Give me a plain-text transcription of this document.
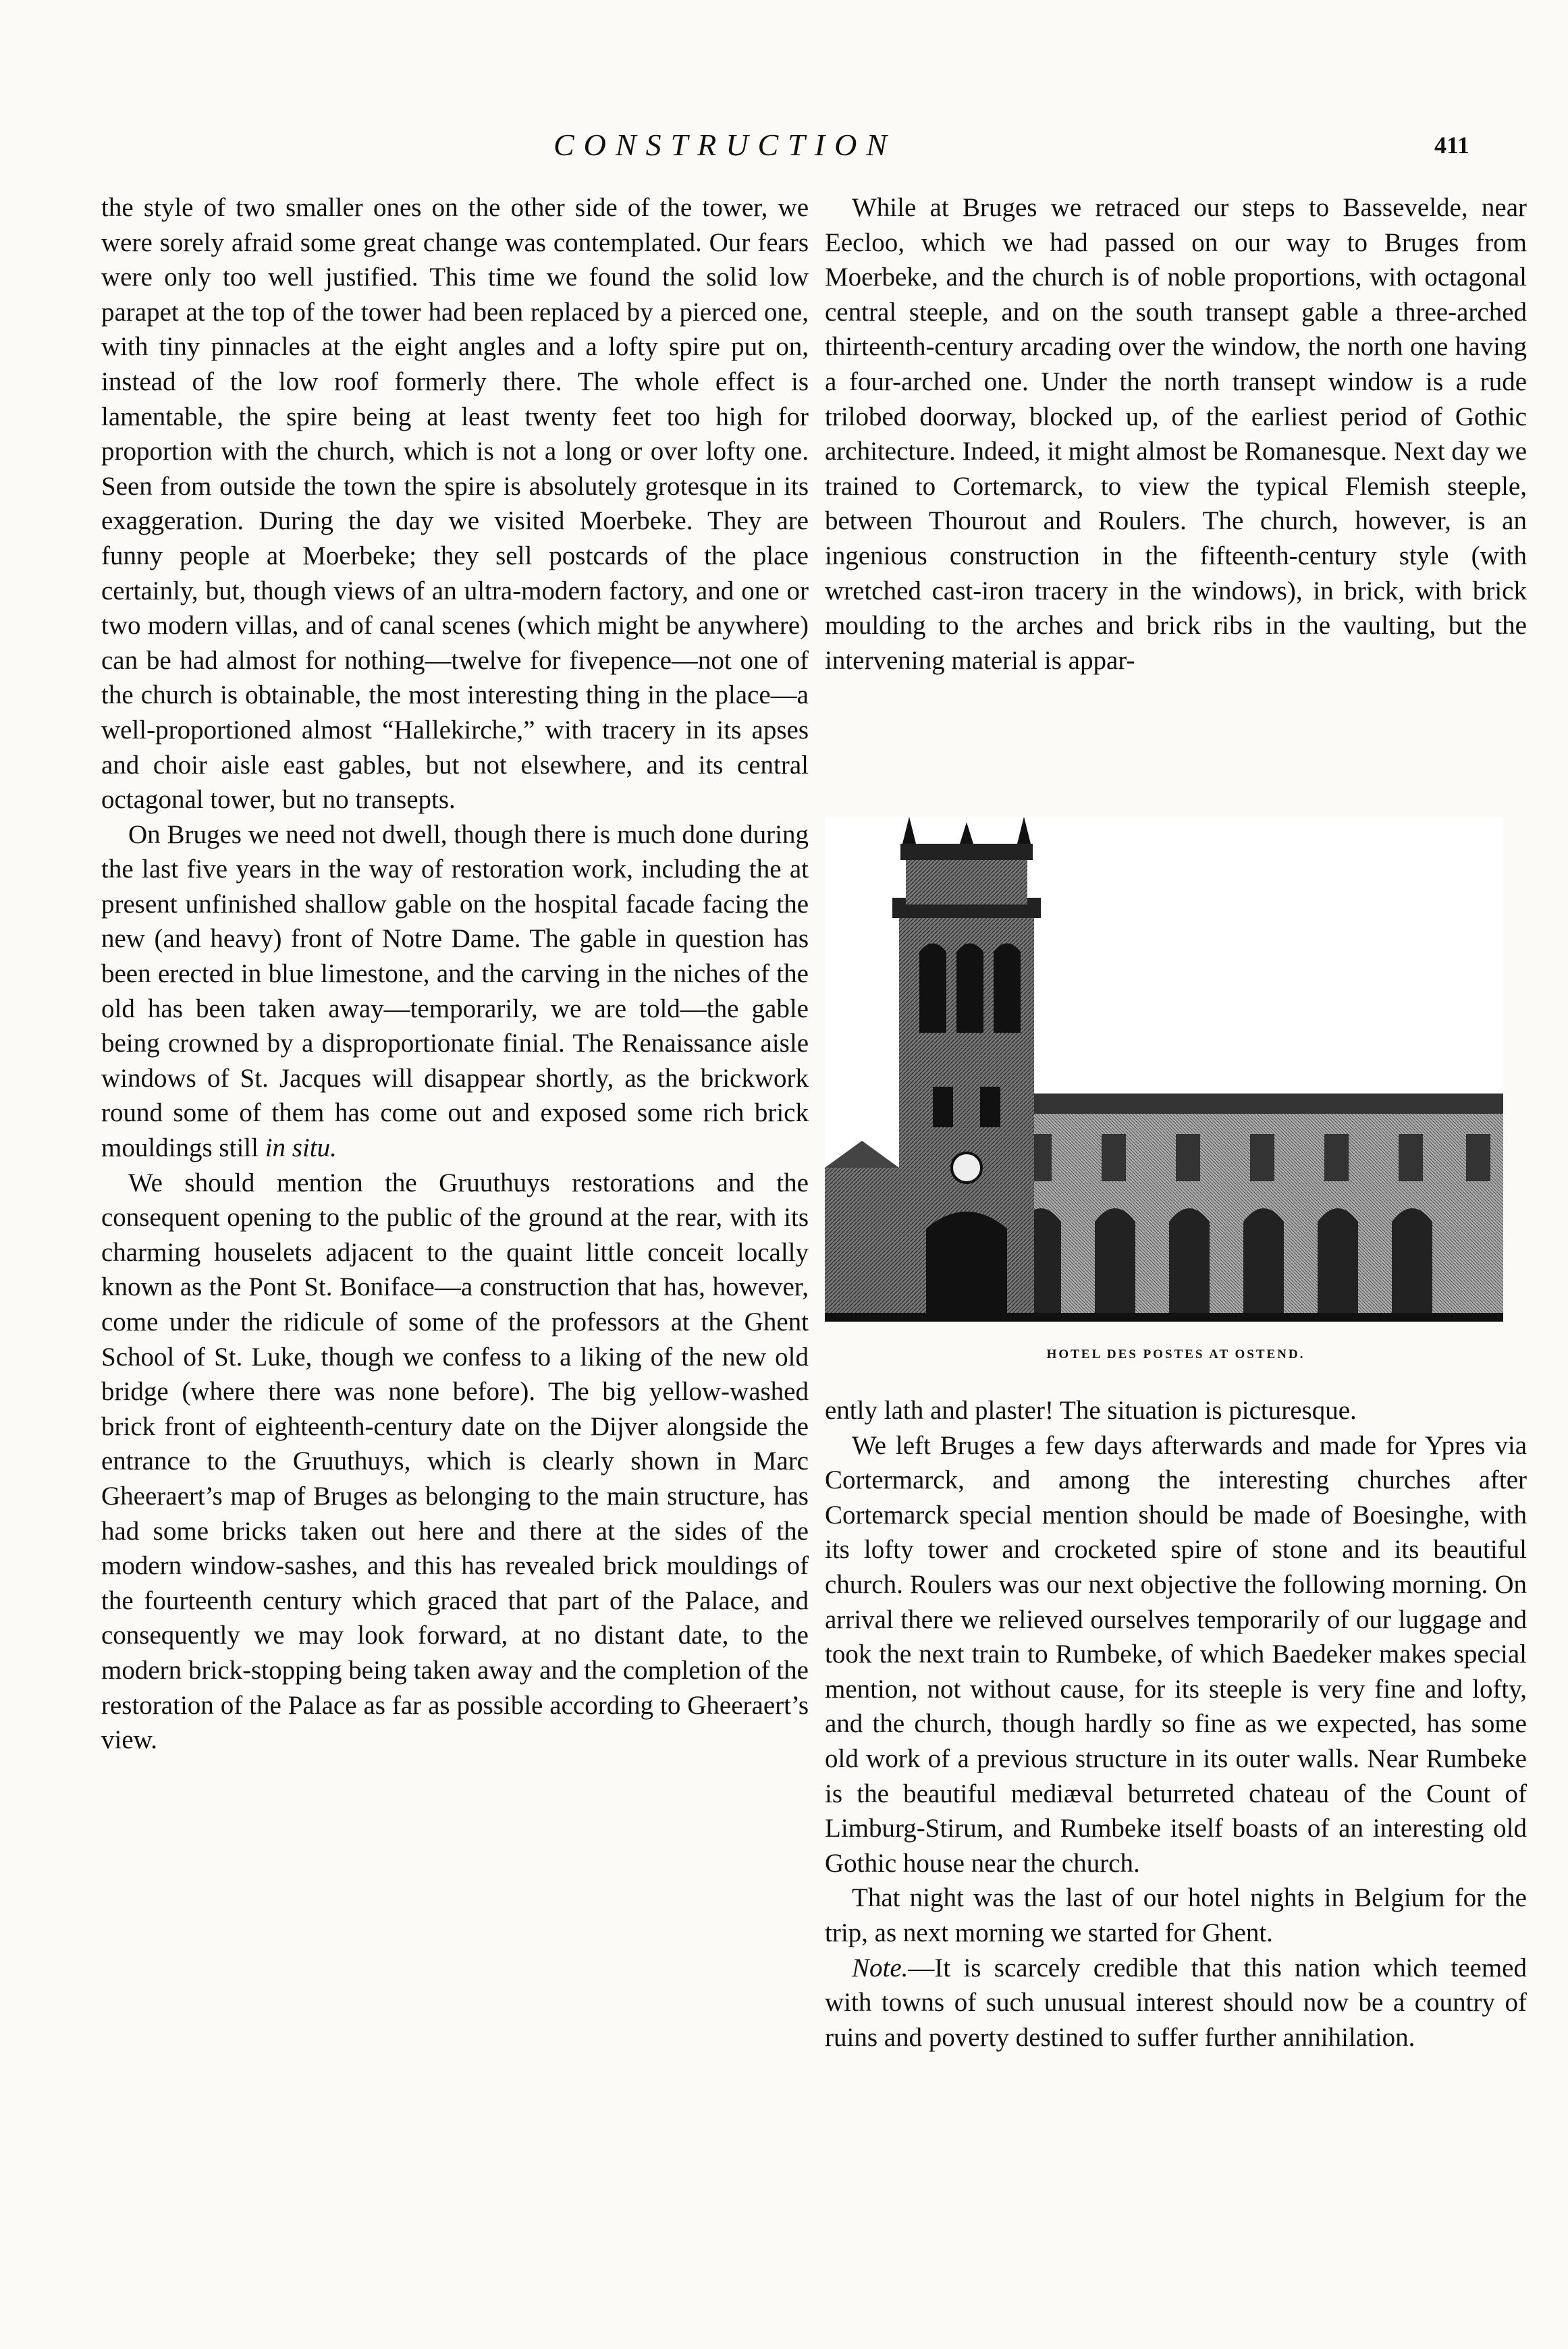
CONSTRUCTION	411

the style of two smaller ones on the other side of the tower, we were sorely afraid some great change was contemplated. Our fears were only too well justified. This time we found the solid low parapet at the top of the tower had been replaced by a pierced one, with tiny pinnacles at the eight angles and a lofty spire put on, instead of the low roof formerly there. The whole effect is lamentable, the spire being at least twenty feet too high for proportion with the church, which is not a long or over lofty one. Seen from outside the town the spire is absolutely grotesque in its exaggeration. During the day we visited Moerbeke. They are funny people at Moerbeke; they sell postcards of the place certainly, but, though views of an ultra-modern factory, and one or two modern villas, and of canal scenes (which might be anywhere) can be had almost for nothing—twelve for fivepence—not one of the church is obtainable, the most interesting thing in the place—a well-proportioned almost “Hallekirche,” with tracery in its apses and choir aisle east gables, but not elsewhere, and its central octagonal tower, but no transepts.

On Bruges we need not dwell, though there is much done during the last five years in the way of restoration work, including the at present unfinished shallow gable on the hospital facade facing the new (and heavy) front of Notre Dame. The gable in question has been erected in blue limestone, and the carving in the niches of the old has been taken away—temporarily, we are told—the gable being crowned by a disproportionate finial. The Renaissance aisle windows of St. Jacques will disappear shortly, as the brickwork round some of them has come out and exposed some rich brick mouldings still in situ.

We should mention the Gruuthuys restorations and the consequent opening to the public of the ground at the rear, with its charming houselets adjacent to the quaint little conceit locally known as the Pont St. Boniface—a construction that has, however, come under the ridicule of some of the professors at the Ghent School of St. Luke, though we confess to a liking of the new old bridge (where there was none before). The big yellow-washed brick front of eighteenth-century date on the Dijver alongside the entrance to the Gruuthuys, which is clearly shown in Marc Gheeraert’s map of Bruges as belonging to the main structure, has had some bricks taken out here and there at the sides of the modern window-sashes, and this has revealed brick mouldings of the fourteenth century which graced that part of the Palace, and consequently we may look forward, at no distant date, to the modern brick-stopping being taken away and the completion of the restoration of the Palace as far as possible according to Gheeraert’s view.

While at Bruges we retraced our steps to Bassevelde, near Eecloo, which we had passed on our way to Bruges from Moerbeke, and the church is of noble proportions, with octagonal central steeple, and on the south transept gable a three-arched thirteenth-century arcading over the window, the north one having a four-arched one. Under the north transept window is a rude trilobed doorway, blocked up, of the earliest period of Gothic architecture. Indeed, it might almost be Romanesque. Next day we trained to Cortemarck, to view the typical Flemish steeple, between Thourout and Roulers. The church, however, is an ingenious construction in the fifteenth-century style (with wretched cast-iron tracery in the windows), in brick, with brick moulding to the arches and brick ribs in the vaulting, but the intervening material is appar-

HOTEL DES POSTES AT OSTEND.

ently lath and plaster! The situation is picturesque.

We left Bruges a few days afterwards and made for Ypres via Cortermarck, and among the interesting churches after Cortemarck special mention should be made of Boesinghe, with its lofty tower and crocketed spire of stone and its beautiful church. Roulers was our next objective the following morning. On arrival there we relieved ourselves temporarily of our luggage and took the next train to Rumbeke, of which Baedeker makes special mention, not without cause, for its steeple is very fine and lofty, and the church, though hardly so fine as we expected, has some old work of a previous structure in its outer walls. Near Rumbeke is the beautiful mediæval beturreted chateau of the Count of Limburg-Stirum, and Rumbeke itself boasts of an interesting old Gothic house near the church.

That night was the last of our hotel nights in Belgium for the trip, as next morning we started for Ghent.

Note.—It is scarcely credible that this nation which teemed with towns of such unusual interest should now be a country of ruins and poverty destined to suffer further annihilation.
